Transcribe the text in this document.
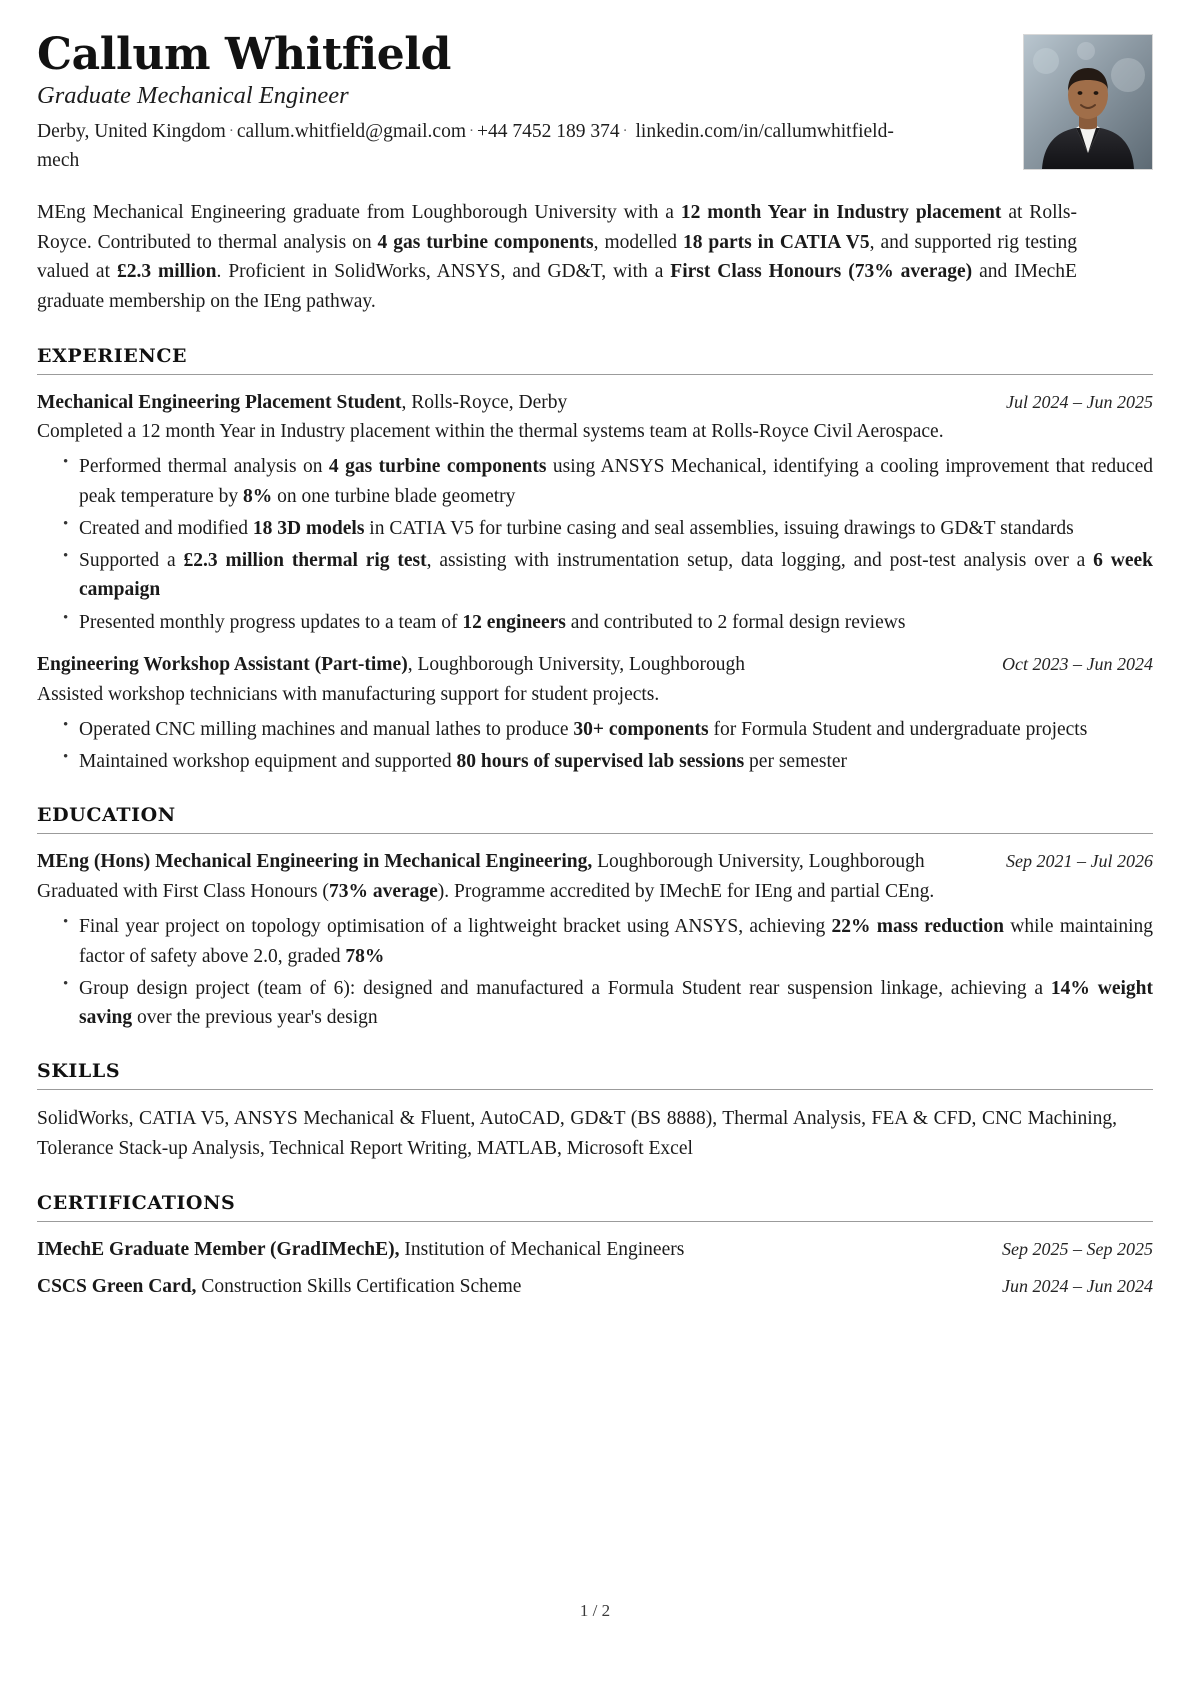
Callum Whitfield
Graduate Mechanical Engineer
Derby, United Kingdom · callum.whitfield@gmail.com · +44 7452 189 374 · linkedin.com/in/callumwhitfield-mech
MEng Mechanical Engineering graduate from Loughborough University with a 12 month Year in Industry placement at Rolls-Royce. Contributed to thermal analysis on 4 gas turbine components, modelled 18 parts in CATIA V5, and supported rig testing valued at £2.3 million. Proficient in SolidWorks, ANSYS, and GD&T, with a First Class Honours (73% average) and IMechE graduate membership on the IEng pathway.
EXPERIENCE
Mechanical Engineering Placement Student, Rolls-Royce, Derby	Jul 2024 – Jun 2025
Completed a 12 month Year in Industry placement within the thermal systems team at Rolls-Royce Civil Aerospace.
• Performed thermal analysis on 4 gas turbine components using ANSYS Mechanical, identifying a cooling improvement that reduced peak temperature by 8% on one turbine blade geometry
• Created and modified 18 3D models in CATIA V5 for turbine casing and seal assemblies, issuing drawings to GD&T standards
• Supported a £2.3 million thermal rig test, assisting with instrumentation setup, data logging, and post-test analysis over a 6 week campaign
• Presented monthly progress updates to a team of 12 engineers and contributed to 2 formal design reviews
Engineering Workshop Assistant (Part-time), Loughborough University, Loughborough	Oct 2023 – Jun 2024
Assisted workshop technicians with manufacturing support for student projects.
• Operated CNC milling machines and manual lathes to produce 30+ components for Formula Student and undergraduate projects
• Maintained workshop equipment and supported 80 hours of supervised lab sessions per semester
EDUCATION
MEng (Hons) Mechanical Engineering in Mechanical Engineering, Loughborough University, Loughborough	Sep 2021 – Jul 2026
Graduated with First Class Honours (73% average). Programme accredited by IMechE for IEng and partial CEng.
• Final year project on topology optimisation of a lightweight bracket using ANSYS, achieving 22% mass reduction while maintaining factor of safety above 2.0, graded 78%
• Group design project (team of 6): designed and manufactured a Formula Student rear suspension linkage, achieving a 14% weight saving over the previous year's design
SKILLS
SolidWorks, CATIA V5, ANSYS Mechanical & Fluent, AutoCAD, GD&T (BS 8888), Thermal Analysis, FEA & CFD, CNC Machining, Tolerance Stack-up Analysis, Technical Report Writing, MATLAB, Microsoft Excel
CERTIFICATIONS
IMechE Graduate Member (GradIMechE), Institution of Mechanical Engineers	Sep 2025 – Sep 2025
CSCS Green Card, Construction Skills Certification Scheme	Jun 2024 – Jun 2024
1 / 2
